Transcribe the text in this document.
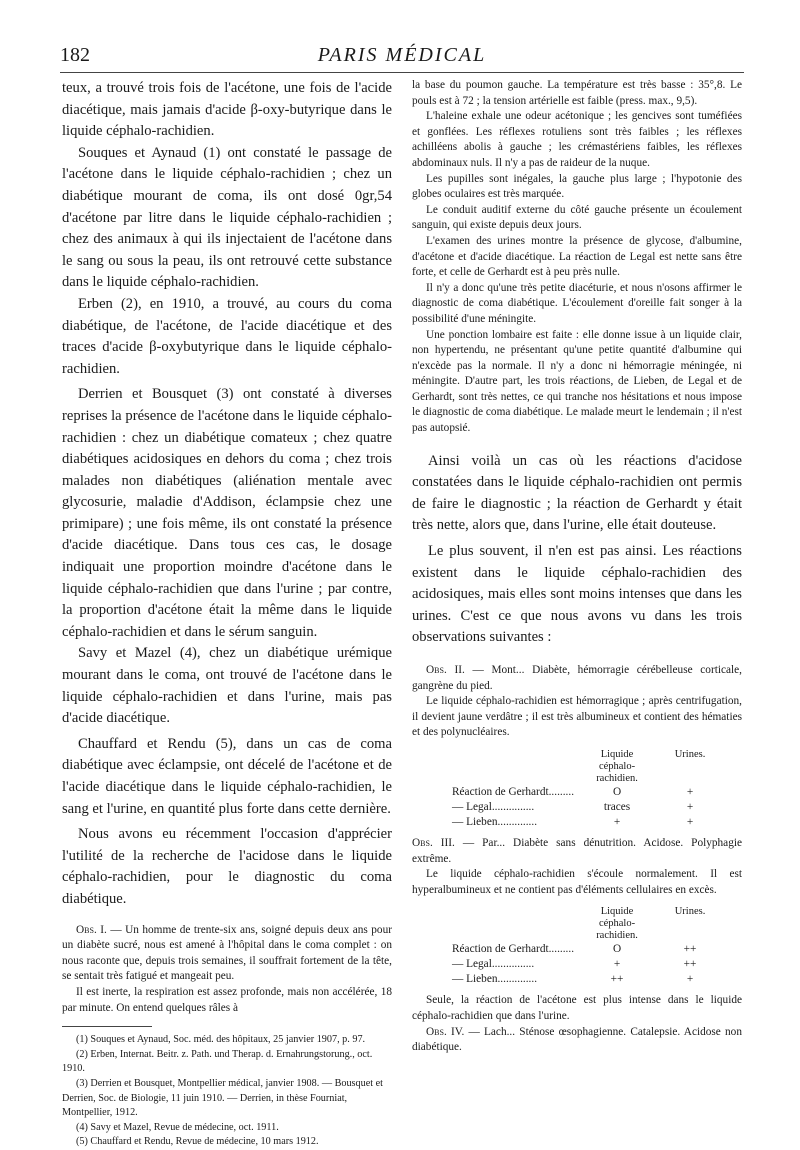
182	PARIS MÉDICAL

teux, a trouvé trois fois de l'acétone, une fois de l'acide diacétique, mais jamais d'acide β-oxy-butyrique dans le liquide céphalo-rachidien.

Souques et Aynaud (1) ont constaté le passage de l'acétone dans le liquide céphalo-rachidien ; chez un diabétique mourant de coma, ils ont dosé 0gr,54 d'acétone par litre dans le liquide céphalo-rachidien ; chez des animaux à qui ils injectaient de l'acétone dans le sang ou sous la peau, ils ont retrouvé cette substance dans le liquide céphalo-rachidien.

Erben (2), en 1910, a trouvé, au cours du coma diabétique, de l'acétone, de l'acide diacétique et des traces d'acide β-oxybutyrique dans le liquide céphalo-rachidien.

Derrien et Bousquet (3) ont constaté à diverses reprises la présence de l'acétone dans le liquide céphalo-rachidien : chez un diabétique comateux ; chez quatre diabétiques acidosiques en dehors du coma ; chez trois malades non diabétiques (aliénation mentale avec glycosurie, maladie d'Addison, éclampsie chez une primipare) ; une fois même, ils ont constaté la présence d'acide diacétique. Dans tous ces cas, le dosage indiquait une proportion moindre d'acétone dans le liquide céphalo-rachidien que dans l'urine ; par contre, la proportion d'acétone était la même dans le liquide céphalo-rachidien et dans le sérum sanguin.

Savy et Mazel (4), chez un diabétique urémique mourant dans le coma, ont trouvé de l'acétone dans le liquide céphalo-rachidien et dans l'urine, mais pas d'acide diacétique.

Chauffard et Rendu (5), dans un cas de coma diabétique avec éclampsie, ont décelé de l'acétone et de l'acide diacétique dans le liquide céphalo-rachidien, le sang et l'urine, en quantité plus forte dans cette dernière.

Nous avons eu récemment l'occasion d'apprécier l'utilité de la recherche de l'acidose dans le liquide céphalo-rachidien, pour le diagnostic du coma diabétique.

Obs. I. — Un homme de trente-six ans, soigné depuis deux ans pour un diabète sucré, nous est amené à l'hôpital dans le coma complet : on nous raconte que, depuis trois semaines, il souffrait fortement de la tête, se sentait très fatigué et mangeait peu.

Il est inerte, la respiration est assez profonde, mais non accélérée, 18 par minute. On entend quelques râles à

(1) Souques et Aynaud, Soc. méd. des hôpitaux, 25 janvier 1907, p. 97.

(2) Erben, Internat. Beitr. z. Path. und Therap. d. Ernahrungstorung., oct. 1910.

(3) Derrien et Bousquet, Montpellier médical, janvier 1908. — Bousquet et Derrien, Soc. de Biologie, 11 juin 1910. — Derrien, in thèse Fourniat, Montpellier, 1912.

(4) Savy et Mazel, Revue de médecine, oct. 1911.

(5) Chauffard et Rendu, Revue de médecine, 10 mars 1912.

la base du poumon gauche. La température est très basse : 35°,8. Le pouls est à 72 ; la tension artérielle est faible (press. max., 9,5).

L'haleine exhale une odeur acétonique ; les gencives sont tuméfiées et gonflées. Les réflexes rotuliens sont très faibles ; les réflexes achilléens abolis à gauche ; les crémastériens faibles, les réflexes abdominaux nuls. Il n'y a pas de raideur de la nuque.

Les pupilles sont inégales, la gauche plus large ; l'hypotonie des globes oculaires est très marquée.

Le conduit auditif externe du côté gauche présente un écoulement sanguin, qui existe depuis deux jours.

L'examen des urines montre la présence de glycose, d'albumine, d'acétone et d'acide diacétique. La réaction de Legal est nette sans être forte, et celle de Gerhardt est à peu près nulle.

Il n'y a donc qu'une très petite diacéturie, et nous n'osons affirmer le diagnostic de coma diabétique. L'écoulement d'oreille fait songer à la possibilité d'une méningite.

Une ponction lombaire est faite : elle donne issue à un liquide clair, non hypertendu, ne présentant qu'une petite quantité d'albumine qui n'excède pas la normale. Il n'y a donc ni hémorragie méningée, ni méningite. D'autre part, les trois réactions, de Lieben, de Legal et de Gerhardt, sont très nettes, ce qui tranche nos hésitations et nous impose le diagnostic de coma diabétique. Le malade meurt le lendemain ; il n'est pas autopsié.

Ainsi voilà un cas où les réactions d'acidose constatées dans le liquide céphalo-rachidien ont permis de faire le diagnostic ; la réaction de Gerhardt y était très nette, alors que, dans l'urine, elle était douteuse.

Le plus souvent, il n'en est pas ainsi. Les réactions existent dans le liquide céphalo-rachidien des acidosiques, mais elles sont moins intenses que dans les urines. C'est ce que nous avons vu dans les trois observations suivantes :

Obs. II. — Mont... Diabète, hémorragie cérébelleuse corticale, gangrène du pied.

Le liquide céphalo-rachidien est hémorragique ; après centrifugation, il devient jaune verdâtre ; il est très albumineux et contient des hématies et des polynucléaires.

	Liquide céphalo-rachidien.	Urines.
Réaction de Gerhardt.........	O	+
— Legal...............	traces	+
— Lieben..............	+	+

Obs. III. — Par... Diabète sans dénutrition. Acidose. Polyphagie extrême.

Le liquide céphalo-rachidien s'écoule normalement. Il est hyperalbumineux et ne contient pas d'éléments cellulaires en excès.

	Liquide céphalo-rachidien.	Urines.
Réaction de Gerhardt.........	O	++
— Legal...............	+	++
— Lieben..............	++	+

Seule, la réaction de l'acétone est plus intense dans le liquide céphalo-rachidien que dans l'urine.

Obs. IV. — Lach... Sténose œsophagienne. Catalepsie. Acidose non diabétique.
